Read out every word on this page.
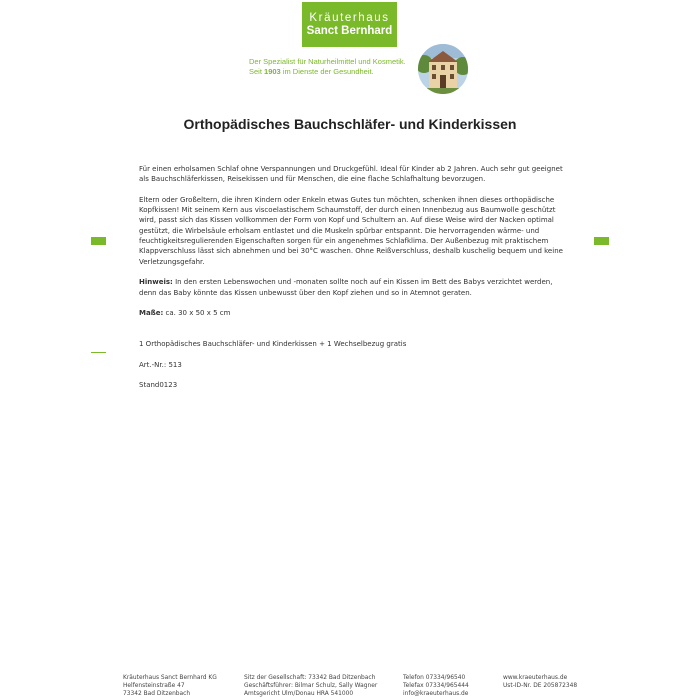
Kräuterhaus
Sanct Bernhard
Der Spezialist für Naturheilmittel und Kosmetik.
Seit 1903 im Dienste der Gesundheit.
Orthopädisches Bauchschläfer- und Kinderkissen

Für einen erholsamen Schlaf ohne Verspannungen und Druckgefühl. Ideal für Kinder ab 2 Jahren. Auch sehr gut geeignet als Bauchschläferkissen, Reisekissen und für Menschen, die eine flache Schlafhaltung bevorzugen.

Eltern oder Großeltern, die ihren Kindern oder Enkeln etwas Gutes tun möchten, schenken ihnen dieses orthopädische Kopfkissen! Mit seinem Kern aus viscoelastischem Schaumstoff, der durch einen Innenbezug aus Baumwolle geschützt wird, passt sich das Kissen vollkommen der Form von Kopf und Schultern an. Auf diese Weise wird der Nacken optimal gestützt, die Wirbelsäule erholsam entlastet und die Muskeln spürbar entspannt. Die hervorragenden wärme- und feuchtigkeitsregulierenden Eigenschaften sorgen für ein angenehmes Schlafklima. Der Außenbezug mit praktischem Klappverschluss lässt sich abnehmen und bei 30°C waschen. Ohne Reißverschluss, deshalb kuschelig bequem und keine Verletzungsgefahr.

Hinweis: In den ersten Lebenswochen und -monaten sollte noch auf ein Kissen im Bett des Babys verzichtet werden, denn das Baby könnte das Kissen unbewusst über den Kopf ziehen und so in Atemnot geraten.

Maße: ca. 30 x 50 x 5 cm

1 Orthopädisches Bauchschläfer- und Kinderkissen + 1 Wechselbezug gratis

Art.-Nr.: 513

Stand0123

Kräuterhaus Sanct Bernhard KG
Helfensteinstraße 47
73342 Bad Ditzenbach
Sitz der Gesellschaft: 73342 Bad Ditzenbach
Geschäftsführer: Bilmar Schulz, Sally Wagner
Amtsgericht Ulm/Donau HRA 541000
Telefon 07334/96540
Telefax 07334/965444
info@kraeuterhaus.de
www.kraeuterhaus.de
Ust-ID-Nr. DE 205872348
